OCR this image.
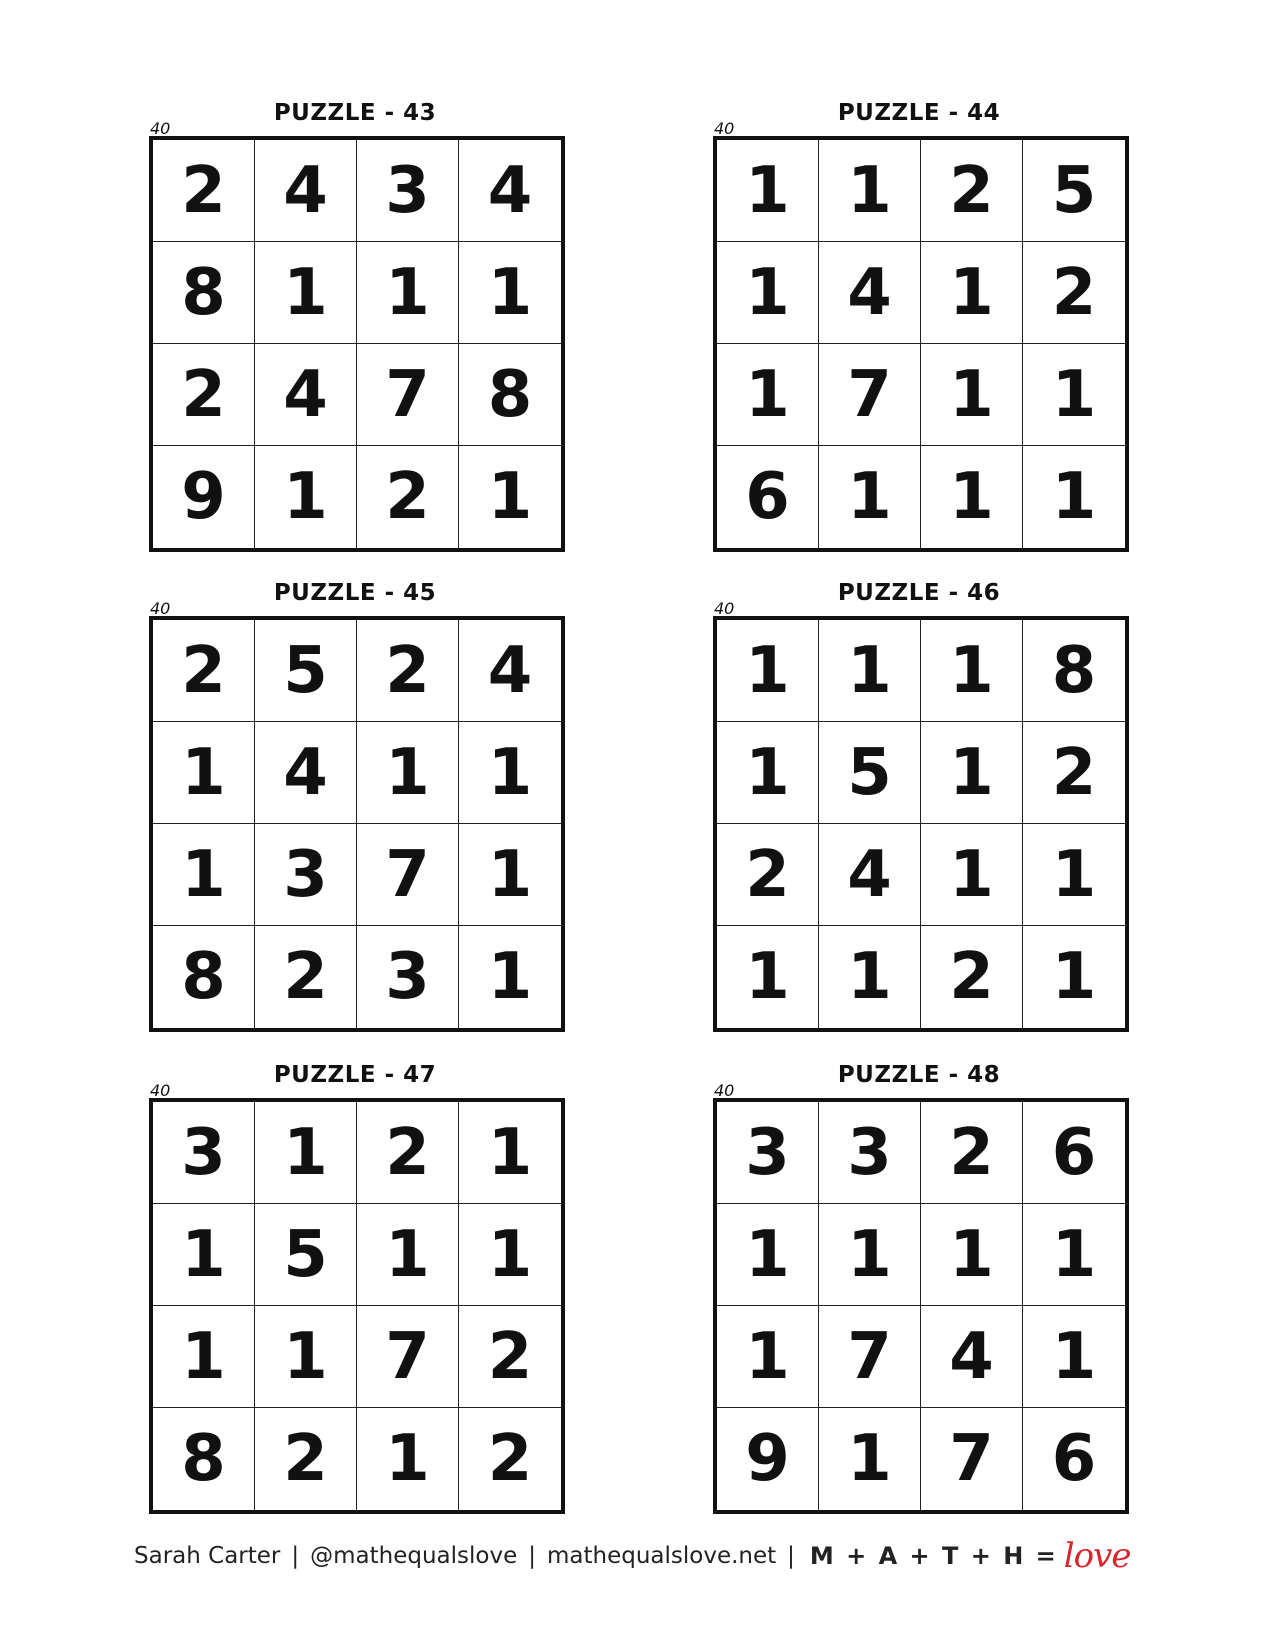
PUZZLE - 43
40
2 4 3 4
8 1 1 1
2 4 7 8
9 1 2 1
PUZZLE - 44
40
1 1 2 5
1 4 1 2
1 7 1 1
6 1 1 1
PUZZLE - 45
40
2 5 2 4
1 4 1 1
1 3 7 1
8 2 3 1
PUZZLE - 46
40
1 1 1 8
1 5 1 2
2 4 1 1
1 1 2 1
PUZZLE - 47
40
3 1 2 1
1 5 1 1
1 1 7 2
8 2 1 2
PUZZLE - 48
40
3 3 2 6
1 1 1 1
1 7 4 1
9 1 7 6
Sarah Carter | @mathequalslove | mathequalslove.net | M + A + T + H = love
